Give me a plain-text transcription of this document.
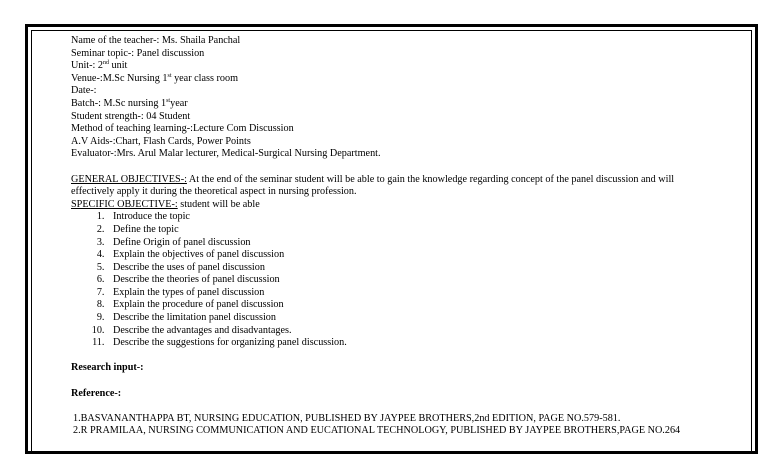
Name of the teacher-: Ms. Shaila Panchal
Seminar topic-: Panel discussion
Unit-: 2nd unit
Venue-:M.Sc Nursing 1st year class room
Date-:
Batch-: M.Sc nursing 1styear
Student strength-: 04 Student
Method of teaching learning-:Lecture Com Discussion
A.V Aids-:Chart, Flash Cards, Power Points
Evaluator-:Mrs. Arul Malar lecturer, Medical-Surgical Nursing Department.
GENERAL OBJECTIVES-: At the end of the seminar student will be able to gain the knowledge regarding concept of the panel discussion and will effectively apply it during the theoretical aspect in nursing profession.
SPECIFIC OBJECTIVE-: student will be able
1. Introduce the topic
2. Define the topic
3. Define Origin of panel discussion
4. Explain the objectives of panel discussion
5. Describe the uses of panel discussion
6. Describe the theories of panel discussion
7. Explain the types of panel discussion
8. Explain the procedure of panel discussion
9. Describe the limitation panel discussion
10. Describe the advantages and disadvantages.
11. Describe the suggestions for organizing panel discussion.
Research input-:
Reference-:
1.BASVANANTHAPPA BT, NURSING EDUCATION, PUBLISHED BY JAYPEE BROTHERS,2nd EDITION, PAGE NO.579-581.
2.R PRAMILAA, NURSING COMMUNICATION AND EUCATIONAL TECHNOLOGY, PUBLISHED BY JAYPEE BROTHERS,PAGE NO.264
